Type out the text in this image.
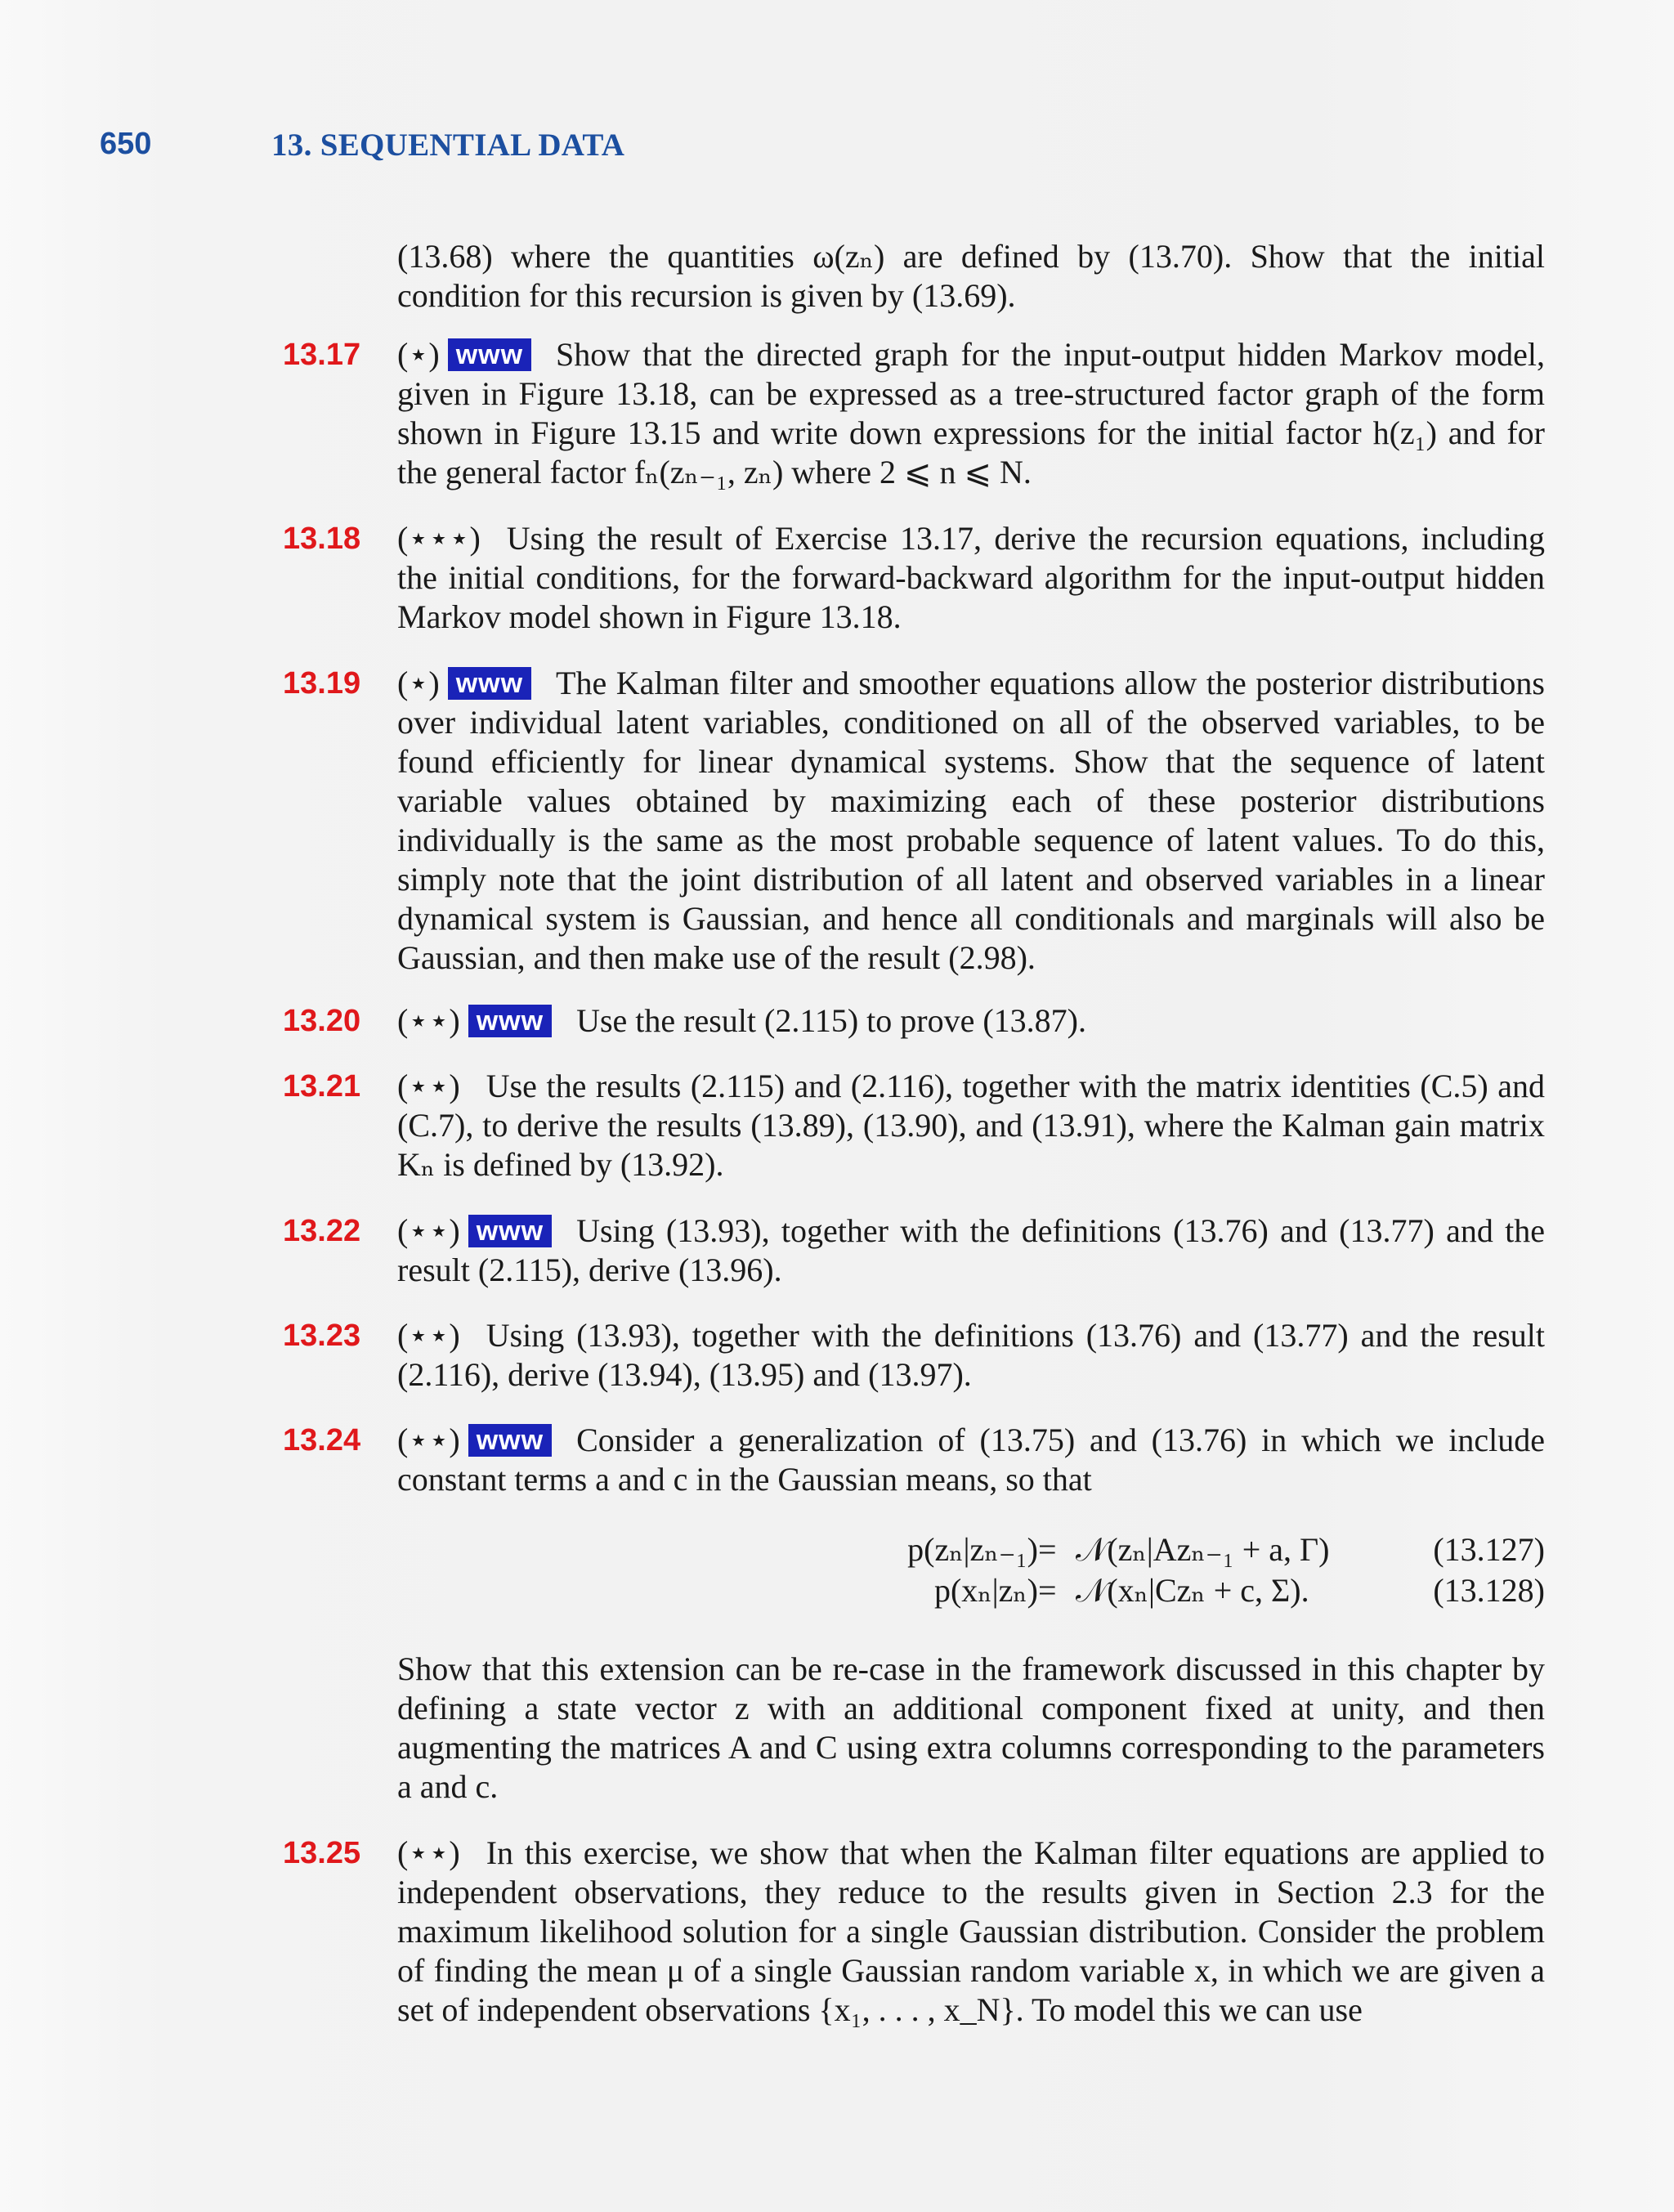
650	13. SEQUENTIAL DATA
(13.68) where the quantities ω(zₙ) are defined by (13.70). Show that the initial condition for this recursion is given by (13.69).
13.17 (⋆) www Show that the directed graph for the input-output hidden Markov model, given in Figure 13.18, can be expressed as a tree-structured factor graph of the form shown in Figure 13.15 and write down expressions for the initial factor h(z₁) and for the general factor fₙ(zₙ₋₁, zₙ) where 2 ⩽ n ⩽ N.
13.18 (⋆⋆⋆) Using the result of Exercise 13.17, derive the recursion equations, including the initial conditions, for the forward-backward algorithm for the input-output hidden Markov model shown in Figure 13.18.
13.19 (⋆) www The Kalman filter and smoother equations allow the posterior distributions over individual latent variables, conditioned on all of the observed variables, to be found efficiently for linear dynamical systems. Show that the sequence of latent variable values obtained by maximizing each of these posterior distributions individually is the same as the most probable sequence of latent values. To do this, simply note that the joint distribution of all latent and observed variables in a linear dynamical system is Gaussian, and hence all conditionals and marginals will also be Gaussian, and then make use of the result (2.98).
13.20 (⋆⋆) www Use the result (2.115) to prove (13.87).
13.21 (⋆⋆) Use the results (2.115) and (2.116), together with the matrix identities (C.5) and (C.7), to derive the results (13.89), (13.90), and (13.91), where the Kalman gain matrix Kₙ is defined by (13.92).
13.22 (⋆⋆) www Using (13.93), together with the definitions (13.76) and (13.77) and the result (2.115), derive (13.96).
13.23 (⋆⋆) Using (13.93), together with the definitions (13.76) and (13.77) and the result (2.116), derive (13.94), (13.95) and (13.97).
13.24 (⋆⋆) www Consider a generalization of (13.75) and (13.76) in which we include constant terms a and c in the Gaussian means, so that
p(zₙ|zₙ₋₁) = 𝒩(zₙ|Azₙ₋₁ + a, Γ)	(13.127)
p(xₙ|zₙ) = 𝒩(xₙ|Czₙ + c, Σ).	(13.128)
Show that this extension can be re-case in the framework discussed in this chapter by defining a state vector z with an additional component fixed at unity, and then augmenting the matrices A and C using extra columns corresponding to the parameters a and c.
13.25 (⋆⋆) In this exercise, we show that when the Kalman filter equations are applied to independent observations, they reduce to the results given in Section 2.3 for the maximum likelihood solution for a single Gaussian distribution. Consider the problem of finding the mean μ of a single Gaussian random variable x, in which we are given a set of independent observations {x₁, . . . , x_N}. To model this we can use
